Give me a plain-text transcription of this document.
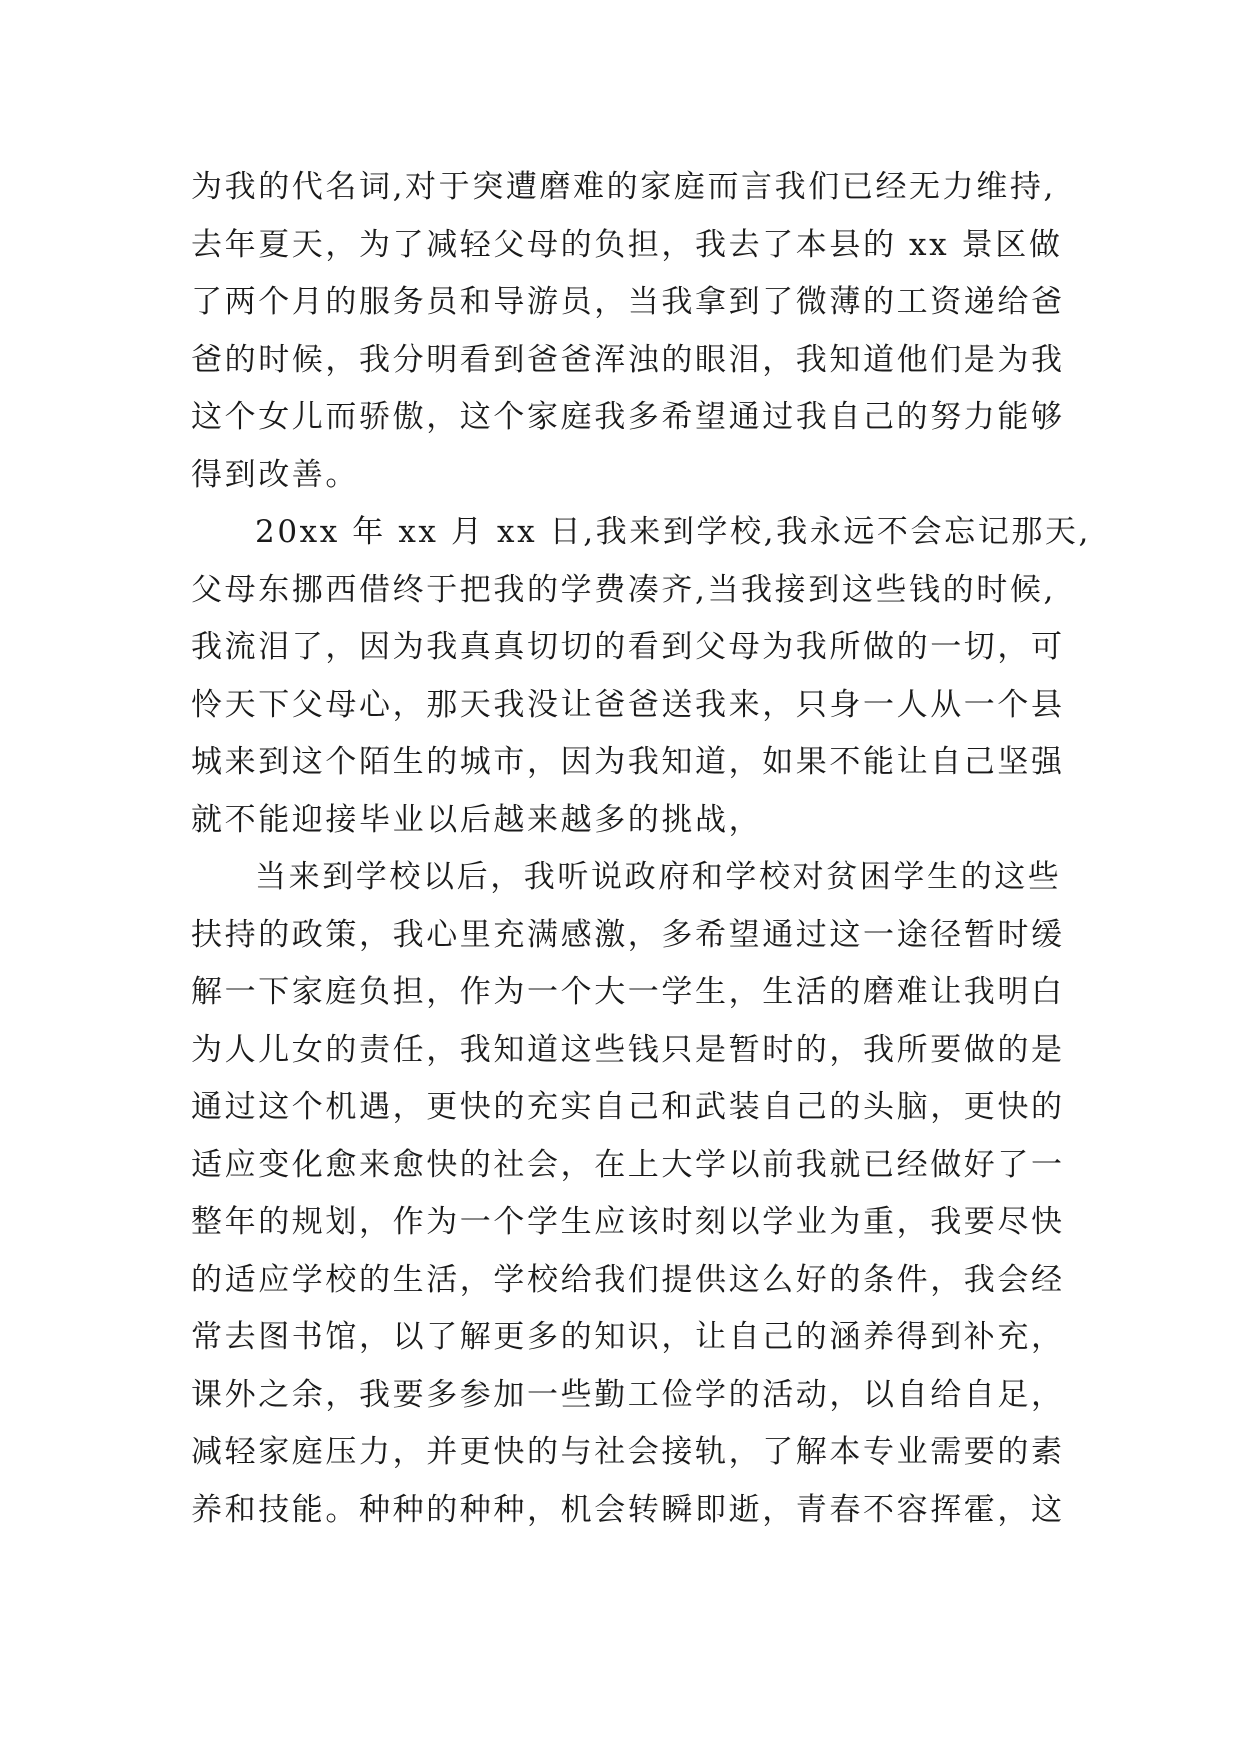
为我的代名词,对于突遭磨难的家庭而言我们已经无力维持,
去年夏天，为了减轻父母的负担，我去了本县的 xx 景区做
了两个月的服务员和导游员，当我拿到了微薄的工资递给爸
爸的时候，我分明看到爸爸浑浊的眼泪，我知道他们是为我
这个女儿而骄傲，这个家庭我多希望通过我自己的努力能够
得到改善。
20xx 年 xx 月 xx 日,我来到学校,我永远不会忘记那天,
父母东挪西借终于把我的学费凑齐,当我接到这些钱的时候,
我流泪了，因为我真真切切的看到父母为我所做的一切，可
怜天下父母心，那天我没让爸爸送我来，只身一人从一个县
城来到这个陌生的城市，因为我知道，如果不能让自己坚强
就不能迎接毕业以后越来越多的挑战，
当来到学校以后，我听说政府和学校对贫困学生的这些
扶持的政策，我心里充满感激，多希望通过这一途径暂时缓
解一下家庭负担，作为一个大一学生，生活的磨难让我明白
为人儿女的责任，我知道这些钱只是暂时的，我所要做的是
通过这个机遇，更快的充实自己和武装自己的头脑，更快的
适应变化愈来愈快的社会，在上大学以前我就已经做好了一
整年的规划，作为一个学生应该时刻以学业为重，我要尽快
的适应学校的生活，学校给我们提供这么好的条件，我会经
常去图书馆，以了解更多的知识，让自己的涵养得到补充，
课外之余，我要多参加一些勤工俭学的活动，以自给自足，
减轻家庭压力，并更快的与社会接轨，了解本专业需要的素
养和技能。种种的种种，机会转瞬即逝，青春不容挥霍，这
